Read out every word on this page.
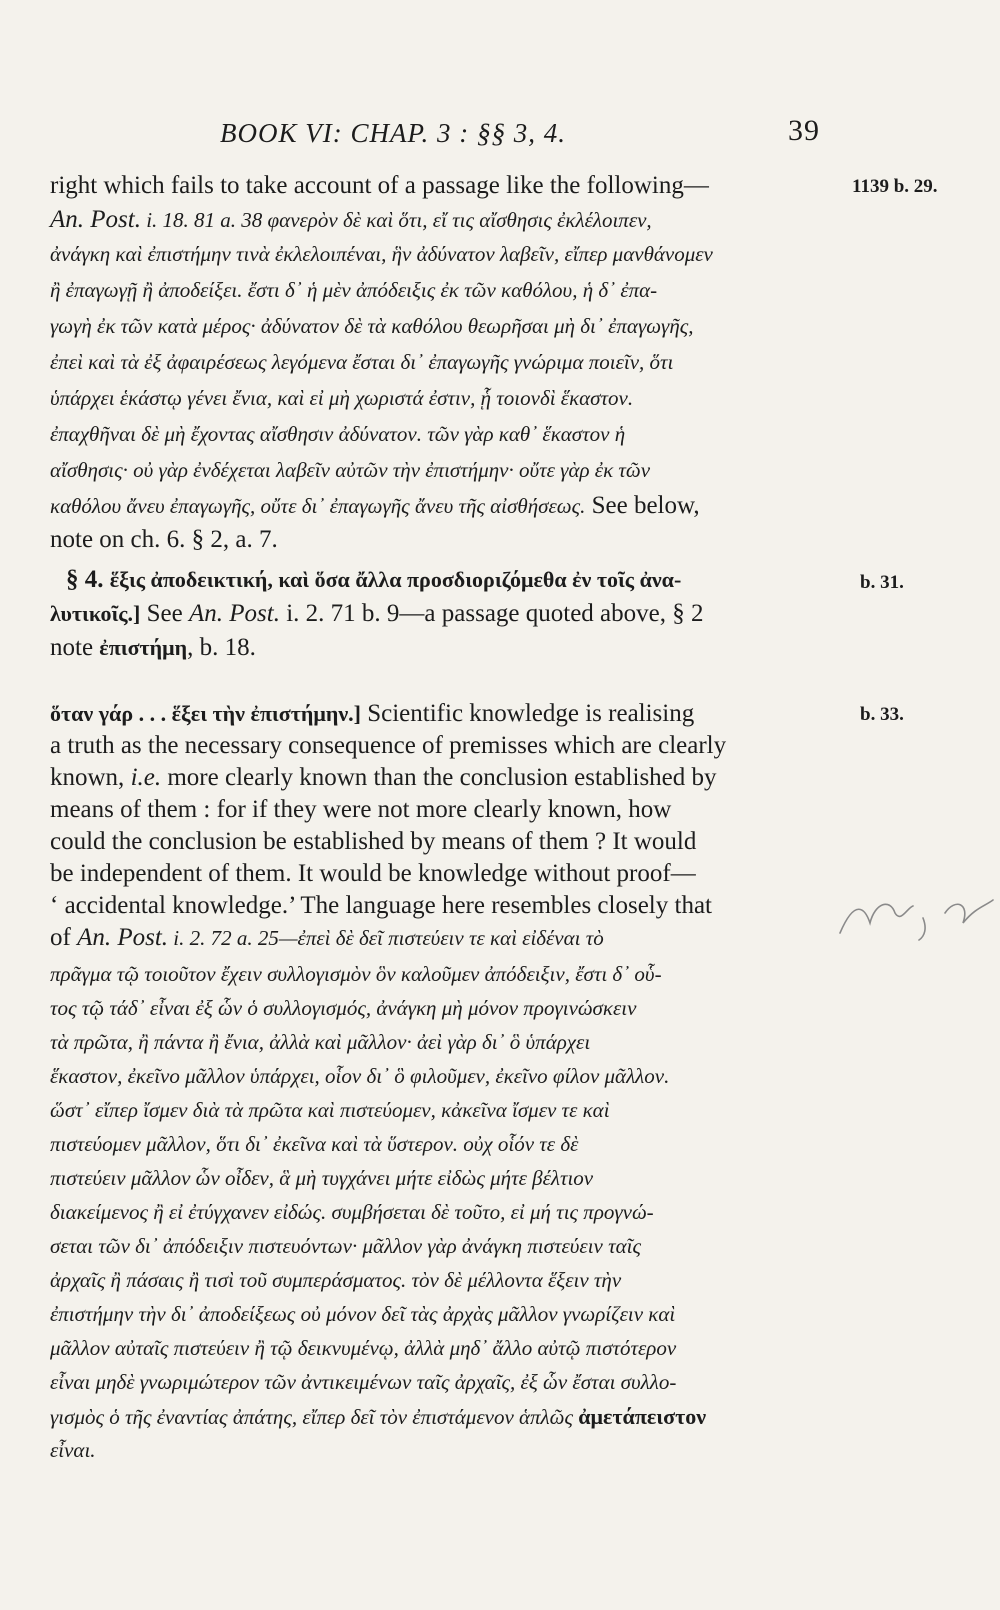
BOOK VI: CHAP. 3 : §§ 3, 4.	39
1139 b. 29.
b. 31.
b. 33.
right which fails to take account of a passage like the following—
An. Post. i. 18. 81 a. 38 φανερὸν δὲ καὶ ὅτι, εἴ τις αἴσθησις ἐκλέλοιπεν,
ἀνάγκη καὶ ἐπιστήμην τινὰ ἐκλελοιπέναι, ἣν ἀδύνατον λαβεῖν, εἴπερ μανθάνομεν
ἢ ἐπαγωγῇ ἢ ἀποδείξει. ἔστι δ᾽ ἡ μὲν ἀπόδειξις ἐκ τῶν καθόλου, ἡ δ᾽ ἐπα-
γωγὴ ἐκ τῶν κατὰ μέρος· ἀδύνατον δὲ τὰ καθόλου θεωρῆσαι μὴ δι᾽ ἐπαγωγῆς,
ἐπεὶ καὶ τὰ ἐξ ἀφαιρέσεως λεγόμενα ἔσται δι᾽ ἐπαγωγῆς γνώριμα ποιεῖν, ὅτι
ὑπάρχει ἑκάστῳ γένει ἔνια, καὶ εἰ μὴ χωριστά ἐστιν, ᾗ τοιονδὶ ἕκαστον.
ἐπαχθῆναι δὲ μὴ ἔχοντας αἴσθησιν ἀδύνατον. τῶν γὰρ καθ᾽ ἕκαστον ἡ
αἴσθησις· οὐ γὰρ ἐνδέχεται λαβεῖν αὐτῶν τὴν ἐπιστήμην· οὔτε γὰρ ἐκ τῶν
καθόλου ἄνευ ἐπαγωγῆς, οὔτε δι᾽ ἐπαγωγῆς ἄνευ τῆς αἰσθήσεως. See below,
note on ch. 6. § 2, a. 7.
§ 4. ἕξις ἀποδεικτική, καὶ ὅσα ἄλλα προσδιοριζόμεθα ἐν τοῖς ἀνα-
λυτικοῖς.] See An. Post. i. 2. 71 b. 9—a passage quoted above, § 2
note ἐπιστήμη, b. 18.
ὅταν γάρ . . . ἕξει τὴν ἐπιστήμην.] Scientific knowledge is realising
a truth as the necessary consequence of premisses which are clearly
known, i.e. more clearly known than the conclusion established by
means of them : for if they were not more clearly known, how
could the conclusion be established by means of them ? It would
be independent of them. It would be knowledge without proof—
‘ accidental knowledge.’ The language here resembles closely that
of An. Post. i. 2. 72 a. 25—ἐπεὶ δὲ δεῖ πιστεύειν τε καὶ εἰδέναι τὸ
πρᾶγμα τῷ τοιοῦτον ἔχειν συλλογισμὸν ὃν καλοῦμεν ἀπόδειξιν, ἔστι δ᾽ οὗ-
τος τῷ τάδ᾽ εἶναι ἐξ ὧν ὁ συλλογισμός, ἀνάγκη μὴ μόνον προγινώσκειν
τὰ πρῶτα, ἢ πάντα ἢ ἔνια, ἀλλὰ καὶ μᾶλλον· ἀεὶ γὰρ δι᾽ ὃ ὑπάρχει
ἕκαστον, ἐκεῖνο μᾶλλον ὑπάρχει, οἷον δι᾽ ὃ φιλοῦμεν, ἐκεῖνο φίλον μᾶλλον.
ὥστ᾽ εἴπερ ἴσμεν διὰ τὰ πρῶτα καὶ πιστεύομεν, κἀκεῖνα ἴσμεν τε καὶ
πιστεύομεν μᾶλλον, ὅτι δι᾽ ἐκεῖνα καὶ τὰ ὕστερον. οὐχ οἷόν τε δὲ
πιστεύειν μᾶλλον ὧν οἶδεν, ἃ μὴ τυγχάνει μήτε εἰδὼς μήτε βέλτιον
διακείμενος ἢ εἰ ἐτύγχανεν εἰδώς. συμβήσεται δὲ τοῦτο, εἰ μή τις προγνώ-
σεται τῶν δι᾽ ἀπόδειξιν πιστευόντων· μᾶλλον γὰρ ἀνάγκη πιστεύειν ταῖς
ἀρχαῖς ἢ πάσαις ἢ τισὶ τοῦ συμπεράσματος. τὸν δὲ μέλλοντα ἕξειν τὴν
ἐπιστήμην τὴν δι᾽ ἀποδείξεως οὐ μόνον δεῖ τὰς ἀρχὰς μᾶλλον γνωρίζειν καὶ
μᾶλλον αὐταῖς πιστεύειν ἢ τῷ δεικνυμένῳ, ἀλλὰ μηδ᾽ ἄλλο αὐτῷ πιστότερον
εἶναι μηδὲ γνωριμώτερον τῶν ἀντικειμένων ταῖς ἀρχαῖς, ἐξ ὧν ἔσται συλλο-
γισμὸς ὁ τῆς ἐναντίας ἀπάτης, εἴπερ δεῖ τὸν ἐπιστάμενον ἁπλῶς ἀμετάπειστον
εἶναι.
